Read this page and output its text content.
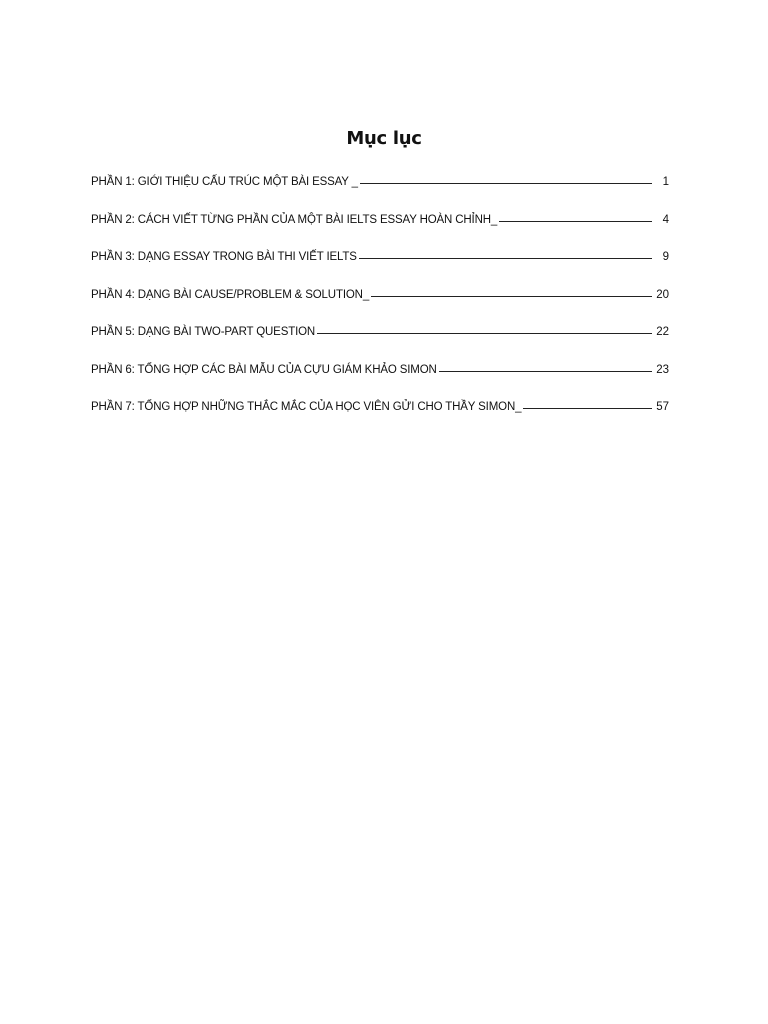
Mục lục
PHẦN 1: GIỚI THIỆU CẤU TRÚC MỘT BÀI ESSAY _	1
PHẦN 2: CÁCH VIẾT TỪNG PHẦN CỦA MỘT BÀI IELTS ESSAY HOÀN CHỈNH_	4
PHẦN 3: DẠNG ESSAY TRONG BÀI THI VIẾT IELTS	9
PHẦN 4: DẠNG BÀI CAUSE/PROBLEM & SOLUTION_	20
PHẦN 5: DẠNG BÀI TWO-PART QUESTION	22
PHẦN 6: TỔNG HỢP CÁC BÀI MẪU CỦA CỰU GIÁM KHẢO SIMON	23
PHẦN 7: TỔNG HỢP NHỮNG THẮC MẮC CỦA HỌC VIÊN GỬI CHO THẦY SIMON_	57
